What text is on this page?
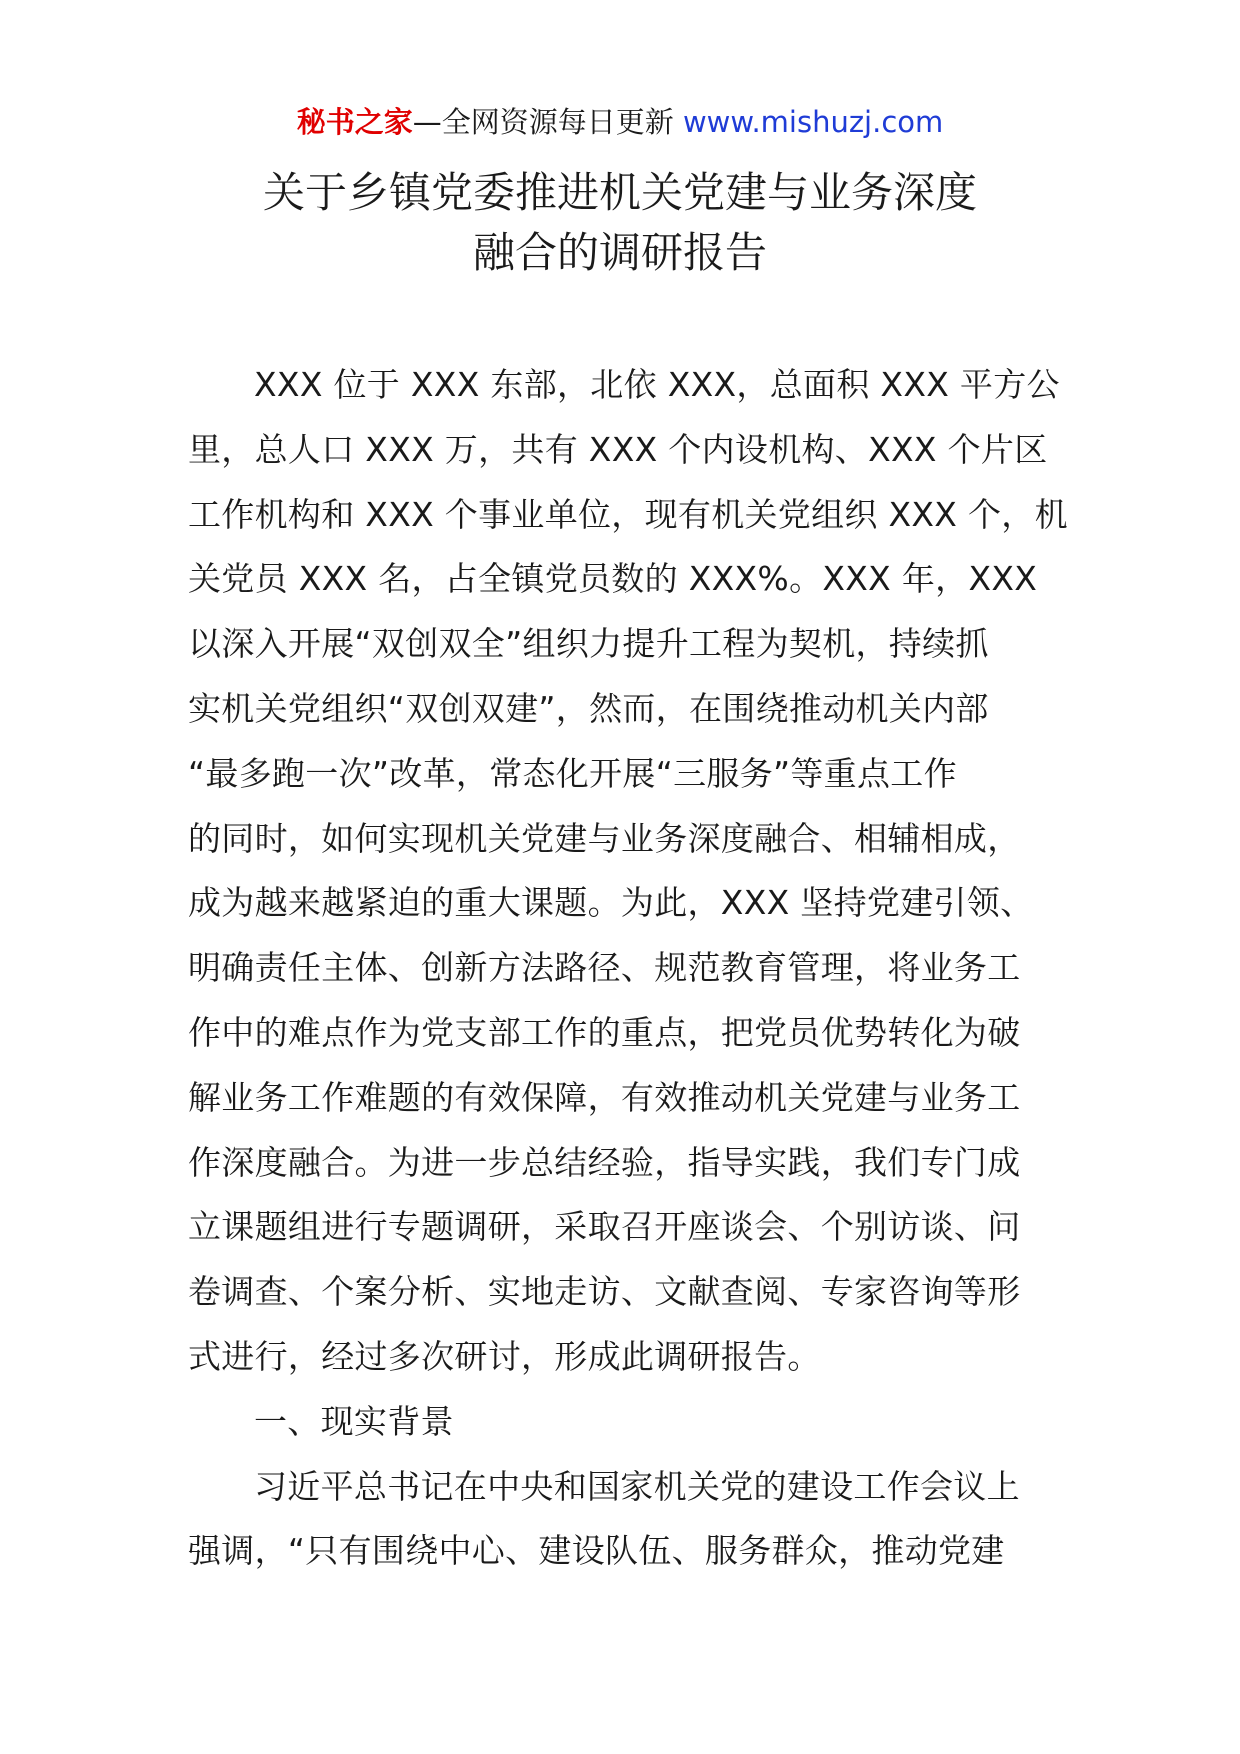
秘书之家—全网资源每日更新 www.mishuzj.com
关于乡镇党委推进机关党建与业务深度
融合的调研报告
XXX 位于 XXX 东部，北依 XXX，总面积 XXX 平方公
里，总人口 XXX 万，共有 XXX 个内设机构、XXX 个片区
工作机构和 XXX 个事业单位，现有机关党组织 XXX 个，机
关党员 XXX 名，占全镇党员数的 XXX%。XXX 年，XXX
以深入开展“双创双全”组织力提升工程为契机，持续抓
实机关党组织“双创双建”，然而，在围绕推动机关内部
“最多跑一次”改革，常态化开展“三服务”等重点工作
的同时，如何实现机关党建与业务深度融合、相辅相成，
成为越来越紧迫的重大课题。为此，XXX 坚持党建引领、
明确责任主体、创新方法路径、规范教育管理，将业务工
作中的难点作为党支部工作的重点，把党员优势转化为破
解业务工作难题的有效保障，有效推动机关党建与业务工
作深度融合。为进一步总结经验，指导实践，我们专门成
立课题组进行专题调研，采取召开座谈会、个别访谈、问
卷调查、个案分析、实地走访、文献查阅、专家咨询等形
式进行，经过多次研讨，形成此调研报告。
一、现实背景
习近平总书记在中央和国家机关党的建设工作会议上
强调，“只有围绕中心、建设队伍、服务群众，推动党建
